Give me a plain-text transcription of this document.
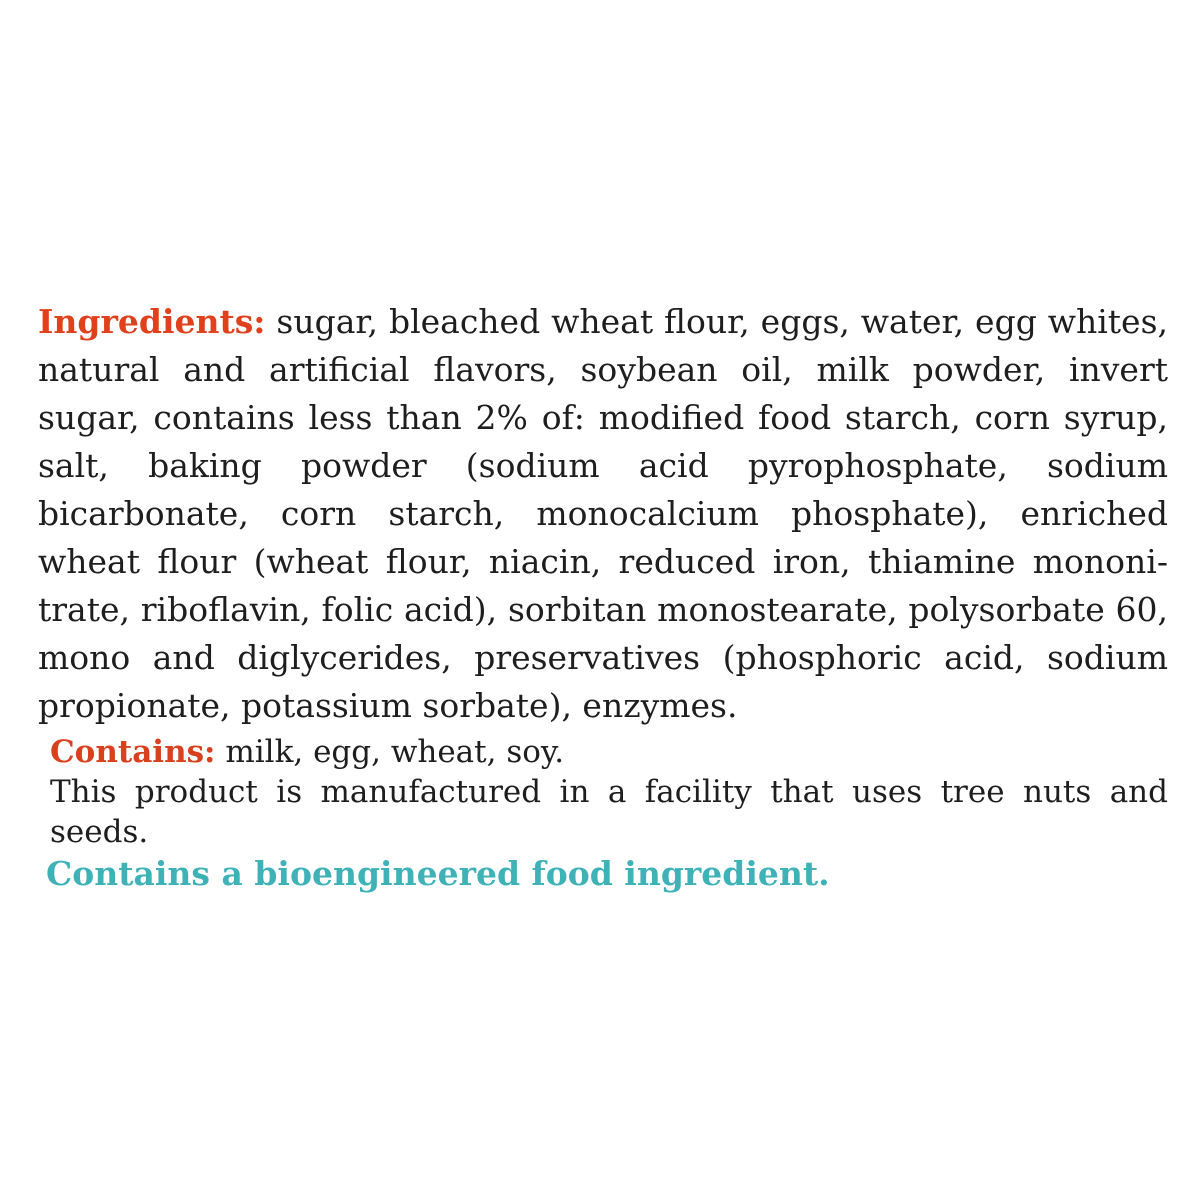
Ingredients: sugar, bleached wheat flour, eggs, water, egg whites,
natural and artificial flavors, soybean oil, milk powder, invert
sugar, contains less than 2% of: modified food starch, corn syrup,
salt, baking powder (sodium acid pyrophosphate, sodium
bicarbonate, corn starch, monocalcium phosphate), enriched
wheat flour (wheat flour, niacin, reduced iron, thiamine mononi-
trate, riboflavin, folic acid), sorbitan monostearate, polysorbate 60,
mono and diglycerides, preservatives (phosphoric acid, sodium
propionate, potassium sorbate), enzymes.
Contains: milk, egg, wheat, soy.
This product is manufactured in a facility that uses tree nuts and
seeds.
Contains a bioengineered food ingredient.
